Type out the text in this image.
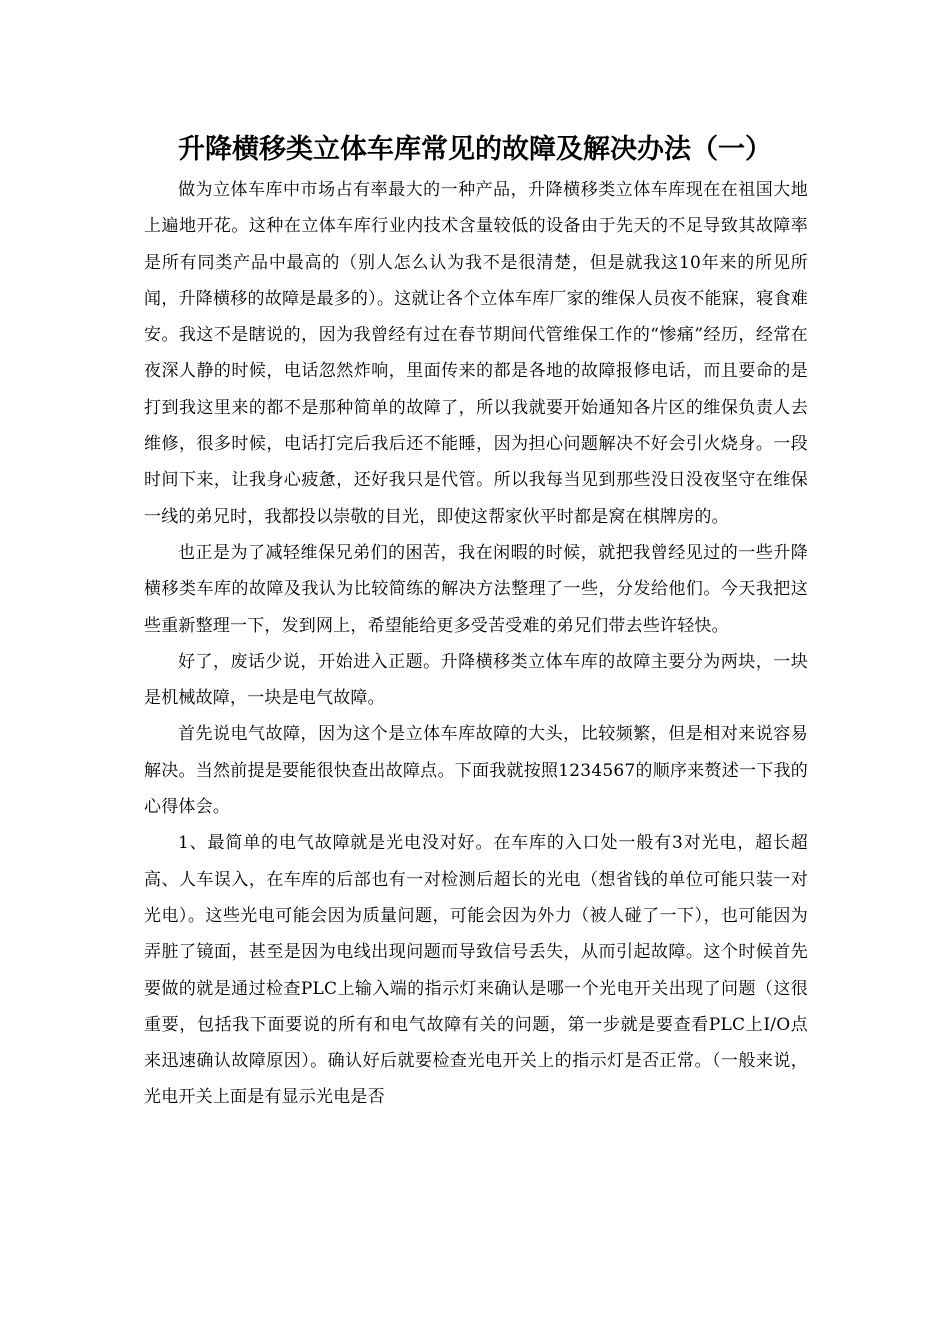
升降横移类立体车库常见的故障及解决办法（一）

做为立体车库中市场占有率最大的一种产品，升降横移类立体车库现在在祖国大地上遍地开花。这种在立体车库行业内技术含量较低的设备由于先天的不足导致其故障率是所有同类产品中最高的（别人怎么认为我不是很清楚，但是就我这10年来的所见所闻，升降横移的故障是最多的）。这就让各个立体车库厂家的维保人员夜不能寐，寝食难安。我这不是瞎说的，因为我曾经有过在春节期间代管维保工作的“惨痛”经历，经常在夜深人静的时候，电话忽然炸响，里面传来的都是各地的故障报修电话，而且要命的是打到我这里来的都不是那种简单的故障了，所以我就要开始通知各片区的维保负责人去维修，很多时候，电话打完后我后还不能睡，因为担心问题解决不好会引火烧身。一段时间下来，让我身心疲惫，还好我只是代管。所以我每当见到那些没日没夜坚守在维保一线的弟兄时，我都投以崇敬的目光，即使这帮家伙平时都是窝在棋牌房的。

也正是为了减轻维保兄弟们的困苦，我在闲暇的时候，就把我曾经见过的一些升降横移类车库的故障及我认为比较简练的解决方法整理了一些，分发给他们。今天我把这些重新整理一下，发到网上，希望能给更多受苦受难的弟兄们带去些许轻快。

好了，废话少说，开始进入正题。升降横移类立体车库的故障主要分为两块，一块是机械故障，一块是电气故障。

首先说电气故障，因为这个是立体车库故障的大头，比较频繁，但是相对来说容易解决。当然前提是要能很快查出故障点。下面我就按照1234567的顺序来赘述一下我的心得体会。

1、最简单的电气故障就是光电没对好。在车库的入口处一般有3对光电，超长超高、人车误入，在车库的后部也有一对检测后超长的光电（想省钱的单位可能只装一对光电）。这些光电可能会因为质量问题，可能会因为外力（被人碰了一下），也可能因为弄脏了镜面，甚至是因为电线出现问题而导致信号丢失，从而引起故障。这个时候首先要做的就是通过检查PLC上输入端的指示灯来确认是哪一个光电开关出现了问题（这很重要，包括我下面要说的所有和电气故障有关的问题，第一步就是要查看PLC上I/O点来迅速确认故障原因）。确认好后就要检查光电开关上的指示灯是否正常。（一般来说，光电开关上面是有显示光电是否
